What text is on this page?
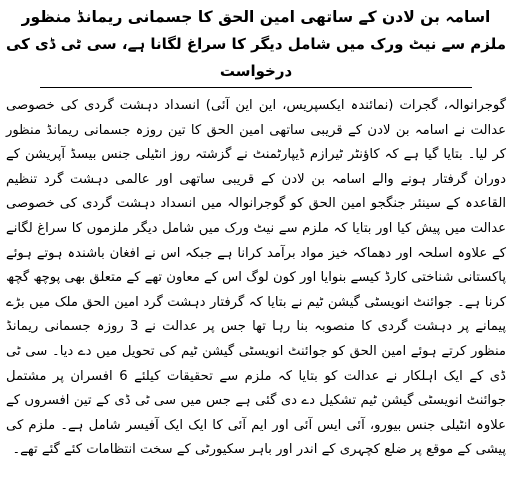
اسامہ بن لادن کے ساتھی امین الحق کا جسمانی ریمانڈ منظور
ملزم سے نیٹ ورک میں شامل دیگر کا سراغ لگانا ہے، سی ٹی ڈی کی درخواست

گوجرانوالہ، گجرات (نمائندہ ایکسپریس، این این آئی) انسداد دہشت گردی کی خصوصی عدالت نے اسامہ بن لادن کے قریبی ساتھی امین الحق کا تین روزہ جسمانی ریمانڈ منظور کر لیا۔ بتایا گیا ہے کہ کاؤنٹر ٹیرازم ڈیپارٹمنٹ نے گزشتہ روز انٹیلی جنس بیسڈ آپریشن کے دوران گرفتار ہونے والے اسامہ بن لادن کے قریبی ساتھی اور عالمی دہشت گرد تنظیم القاعدہ کے سینئر جنگجو امین الحق کو گوجرانوالہ میں انسداد دہشت گردی کی خصوصی عدالت میں پیش کیا اور بتایا کہ ملزم سے نیٹ ورک میں شامل دیگر ملزموں کا سراغ لگانے کے علاوہ اسلحہ اور دھماکہ خیز مواد برآمد کرانا ہے جبکہ اس نے افغان باشندہ ہوتے ہوئے پاکستانی شناختی کارڈ کیسے بنوایا اور کون لوگ اس کے معاون تھے کے متعلق بھی پوچھ گچھ کرنا ہے۔ جوائنٹ انویسٹی گیشن ٹیم نے بتایا کہ گرفتار دہشت گرد امین الحق ملک میں بڑے پیمانے پر دہشت گردی کا منصوبہ بنا رہا تھا جس پر عدالت نے 3 روزہ جسمانی ریمانڈ منظور کرتے ہوئے امین الحق کو جوائنٹ انویسٹی گیشن ٹیم کی تحویل میں دے دیا۔ سی ٹی ڈی کے ایک اہلکار نے عدالت کو بتایا کہ ملزم سے تحقیقات کیلئے 6 افسران پر مشتمل جوائنٹ انویسٹی گیشن ٹیم تشکیل دے دی گئی ہے جس میں سی ٹی ڈی کے تین افسروں کے علاوہ انٹیلی جنس بیورو، آئی ایس آئی اور ایم آئی کا ایک ایک آفیسر شامل ہے۔ ملزم کی پیشی کے موقع پر ضلع کچہری کے اندر اور باہر سکیورٹی کے سخت انتظامات کئے گئے تھے۔
